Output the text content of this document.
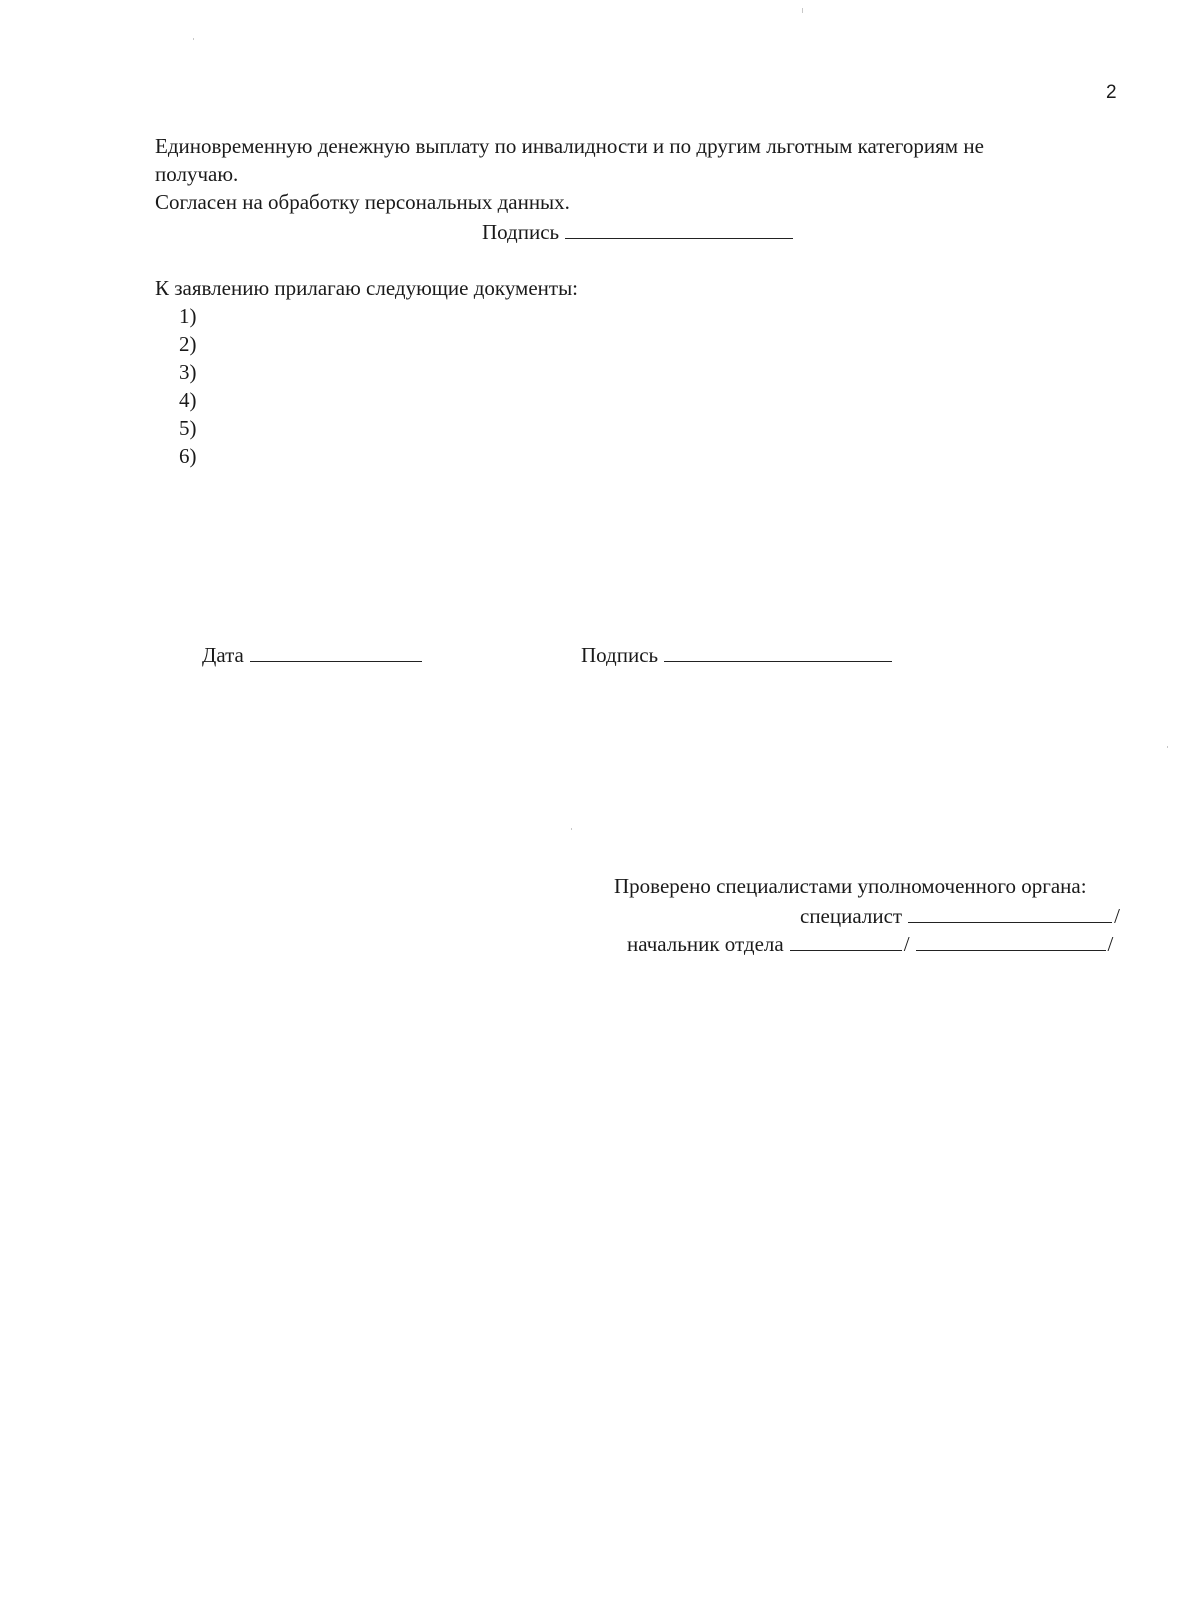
2
Единовременную денежную выплату по инвалидности и по другим льготным категориям не
получаю.
Согласен на обработку персональных данных.
Подпись
К заявлению прилагаю следующие документы:
1)
2)
3)
4)
5)
6)
Дата	Подпись
Проверено специалистами уполномоченного органа:
специалист	/
начальник отдела	/	/
